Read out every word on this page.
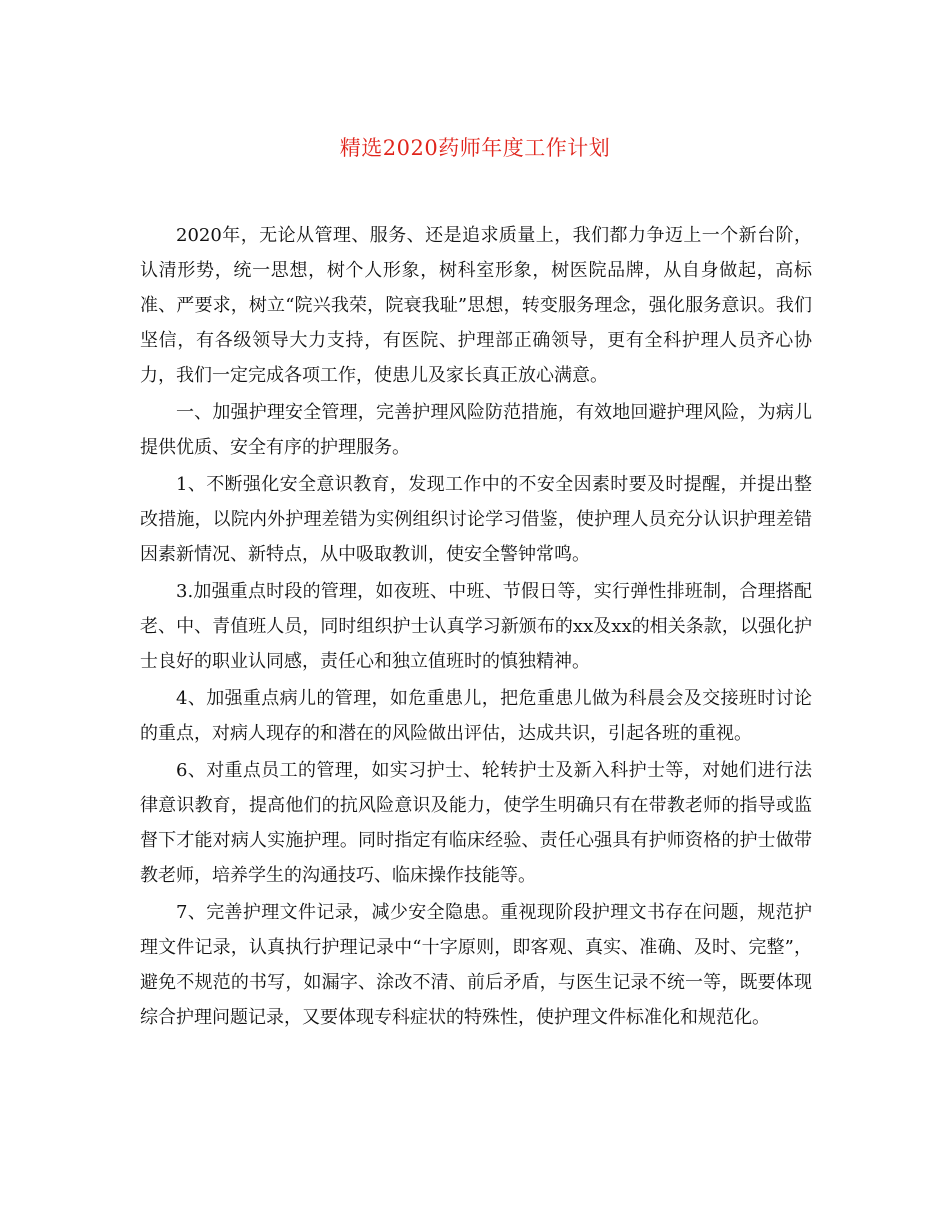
精选2020药师年度工作计划

2020年，无论从管理、服务、还是追求质量上，我们都力争迈上一个新台阶，认清形势，统一思想，树个人形象，树科室形象，树医院品牌，从自身做起，高标准、严要求，树立“院兴我荣，院衰我耻”思想，转变服务理念，强化服务意识。我们坚信，有各级领导大力支持，有医院、护理部正确领导，更有全科护理人员齐心协力，我们一定完成各项工作，使患儿及家长真正放心满意。

一、加强护理安全管理，完善护理风险防范措施，有效地回避护理风险，为病儿提供优质、安全有序的护理服务。

1、不断强化安全意识教育，发现工作中的不安全因素时要及时提醒，并提出整改措施，以院内外护理差错为实例组织讨论学习借鉴，使护理人员充分认识护理差错因素新情况、新特点，从中吸取教训，使安全警钟常鸣。

3.加强重点时段的管理，如夜班、中班、节假日等，实行弹性排班制，合理搭配老、中、青值班人员，同时组织护士认真学习新颁布的xx及xx的相关条款，以强化护士良好的职业认同感，责任心和独立值班时的慎独精神。

4、加强重点病儿的管理，如危重患儿，把危重患儿做为科晨会及交接班时讨论的重点，对病人现存的和潜在的风险做出评估，达成共识，引起各班的重视。

6、对重点员工的管理，如实习护士、轮转护士及新入科护士等，对她们进行法律意识教育，提高他们的抗风险意识及能力，使学生明确只有在带教老师的指导或监督下才能对病人实施护理。同时指定有临床经验、责任心强具有护师资格的护士做带教老师，培养学生的沟通技巧、临床操作技能等。

7、完善护理文件记录，减少安全隐患。重视现阶段护理文书存在问题，规范护理文件记录，认真执行护理记录中“十字原则，即客观、真实、准确、及时、完整”，避免不规范的书写，如漏字、涂改不清、前后矛盾，与医生记录不统一等，既要体现综合护理问题记录，又要体现专科症状的特殊性，使护理文件标准化和规范化。
